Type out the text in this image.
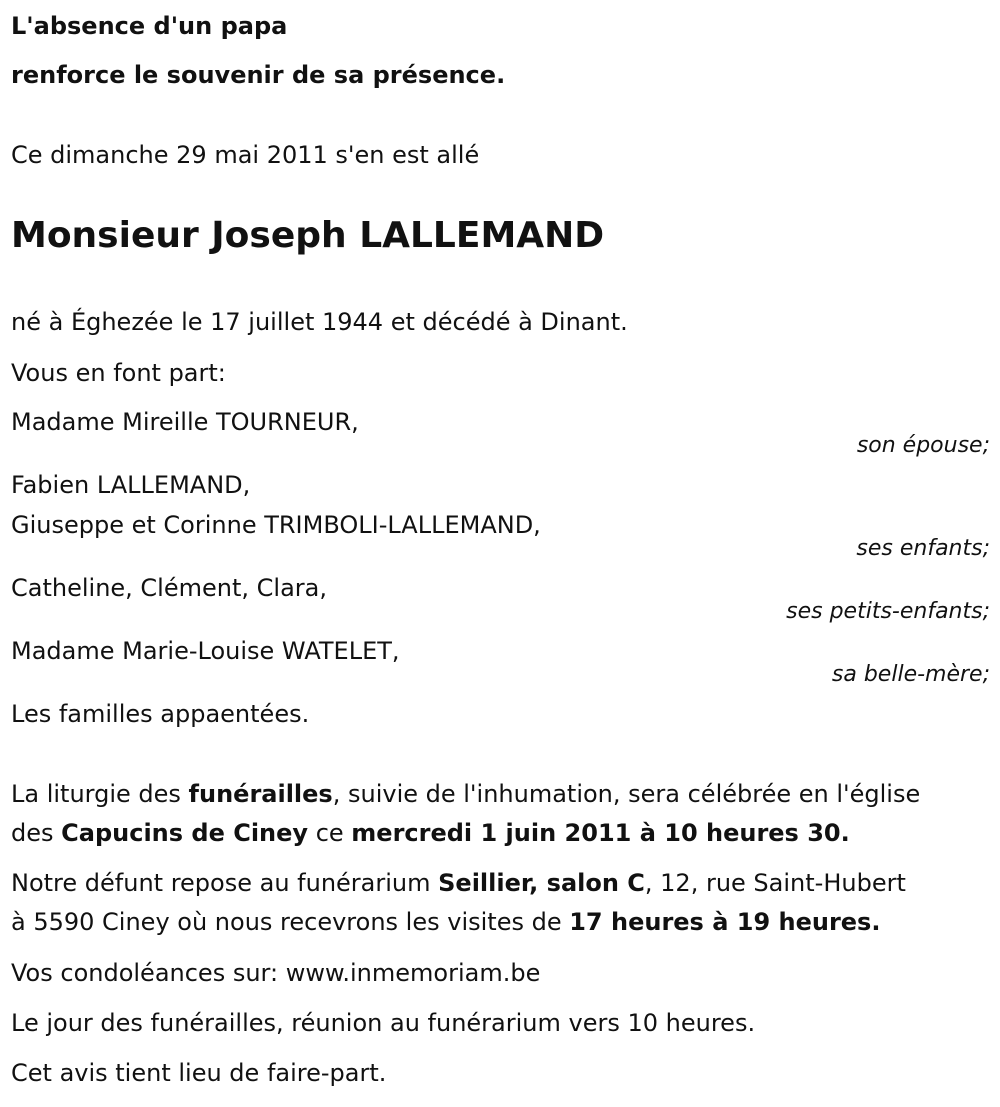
L'absence d'un papa
renforce le souvenir de sa présence.
Ce dimanche 29 mai 2011 s'en est allé
Monsieur Joseph LALLEMAND
né à Éghezée le 17 juillet 1944 et décédé à Dinant.
Vous en font part:
Madame Mireille TOURNEUR,
son épouse;
Fabien LALLEMAND,
Giuseppe et Corinne TRIMBOLI-LALLEMAND,
ses enfants;
Catheline, Clément, Clara,
ses petits-enfants;
Madame Marie-Louise WATELET,
sa belle-mère;
Les familles appaentées.
La liturgie des funérailles, suivie de l'inhumation, sera célébrée en l'église
des Capucins de Ciney ce mercredi 1 juin 2011 à 10 heures 30.
Notre défunt repose au funérarium Seillier, salon C, 12, rue Saint-Hubert
à 5590 Ciney où nous recevrons les visites de 17 heures à 19 heures.
Vos condoléances sur: www.inmemoriam.be
Le jour des funérailles, réunion au funérarium vers 10 heures.
Cet avis tient lieu de faire-part.
